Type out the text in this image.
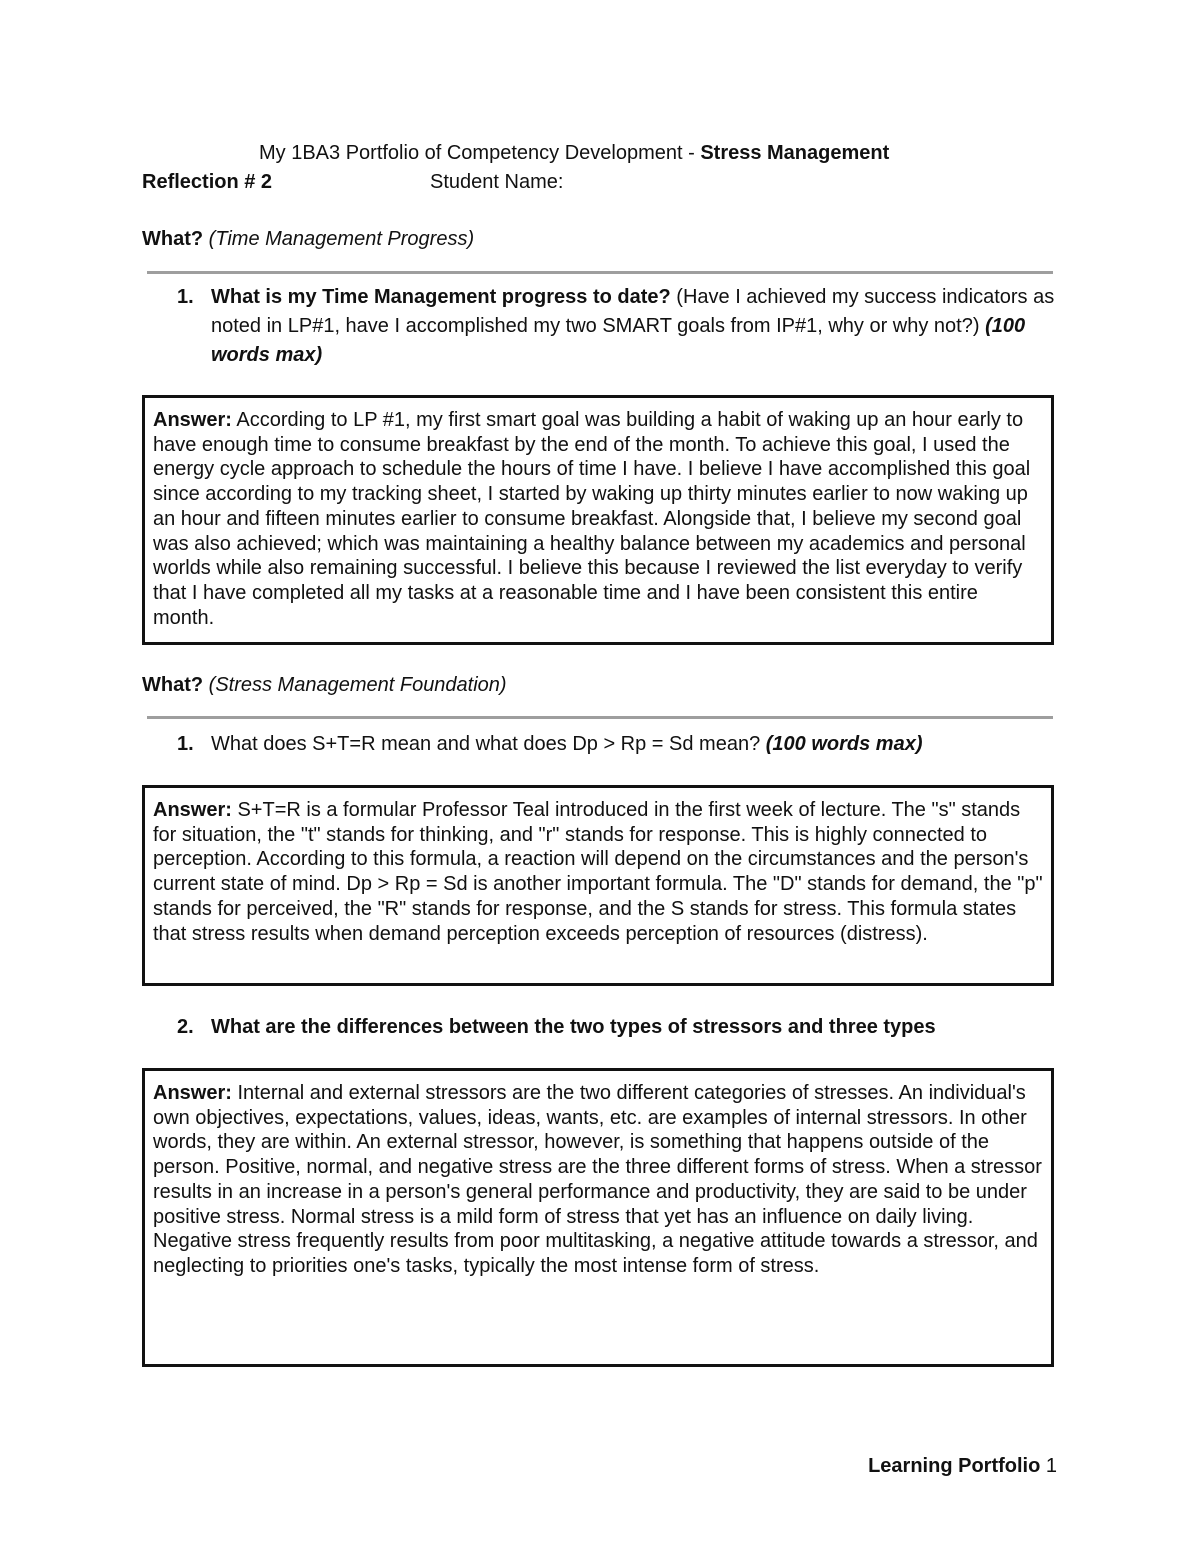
My 1BA3 Portfolio of Competency Development - Stress Management
Reflection # 2	Student Name:
What? (Time Management Progress)
1. What is my Time Management progress to date? (Have I achieved my success indicators as noted in LP#1, have I accomplished my two SMART goals from IP#1, why or why not?) (100 words max)
Answer: According to LP #1, my first smart goal was building a habit of waking up an hour early to have enough time to consume breakfast by the end of the month. To achieve this goal, I used the energy cycle approach to schedule the hours of time I have. I believe I have accomplished this goal since according to my tracking sheet, I started by waking up thirty minutes earlier to now waking up an hour and fifteen minutes earlier to consume breakfast. Alongside that, I believe my second goal was also achieved; which was maintaining a healthy balance between my academics and personal worlds while also remaining successful. I believe this because I reviewed the list everyday to verify that I have completed all my tasks at a reasonable time and I have been consistent this entire month.
What? (Stress Management Foundation)
1. What does S+T=R mean and what does Dp > Rp = Sd mean? (100 words max)
Answer: S+T=R is a formular Professor Teal introduced in the first week of lecture. The "s" stands for situation, the "t" stands for thinking, and "r" stands for response. This is highly connected to perception. According to this formula, a reaction will depend on the circumstances and the person's current state of mind. Dp > Rp = Sd is another important formula. The "D" stands for demand, the "p" stands for perceived, the "R" stands for response, and the S stands for stress. This formula states that stress results when demand perception exceeds perception of resources (distress).
2. What are the differences between the two types of stressors and three types
Answer: Internal and external stressors are the two different categories of stresses. An individual's own objectives, expectations, values, ideas, wants, etc. are examples of internal stressors. In other words, they are within. An external stressor, however, is something that happens outside of the person. Positive, normal, and negative stress are the three different forms of stress. When a stressor results in an increase in a person's general performance and productivity, they are said to be under positive stress. Normal stress is a mild form of stress that yet has an influence on daily living. Negative stress frequently results from poor multitasking, a negative attitude towards a stressor, and neglecting to priorities one's tasks, typically the most intense form of stress.
Learning Portfolio 1
